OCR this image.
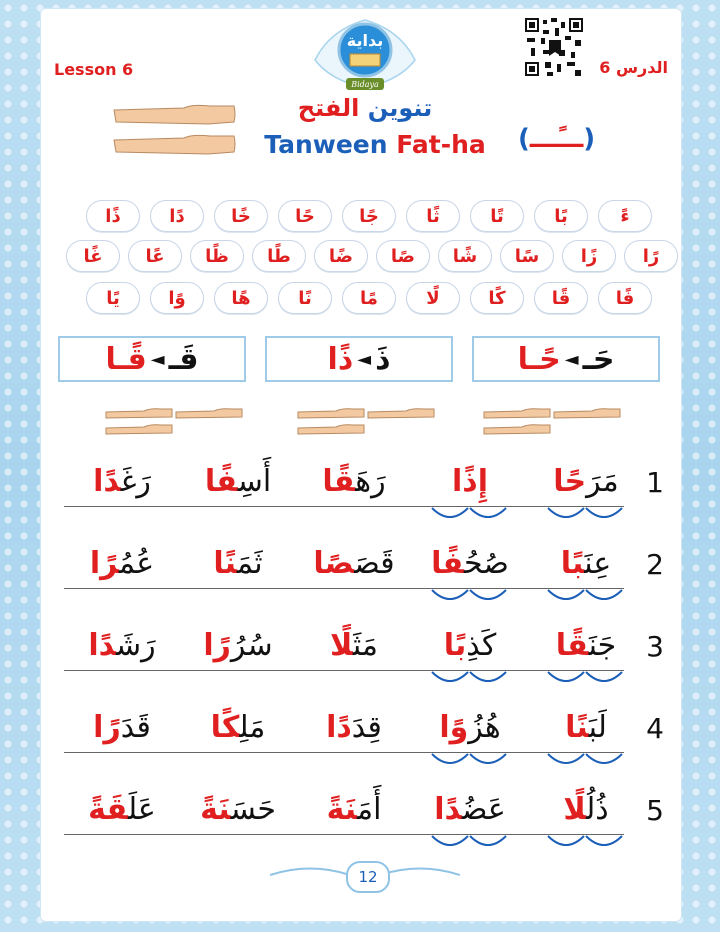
Lesson 6	الدرس 6
بداية
Bidaya
تنوين الفتح
Tanween Fat-ha	(ـــًـــ)
ءً
بًا
تًا
ثًا
جًا
حًا
خًا
دًا
ذًا
رًا
زًا
سًا
شًا
صًا
ضًا
طًا
ظًا
عًا
غًا
فًا
قًا
كًا
لًا
مًا
نًا
هًا
وًا
يًا
حَـ
◄
حًـا
ذَ
◄
ذًا
قَـ
◄
قًـا
1
مَرَحًا
إِذًا
رَهَقًا
أَسِفًا
رَغَدًا
2
عِنَبًا
صُحُفًا
قَصَصًا
ثَمَنًا
عُمُرًا
3
جَنَقًا
كَذِبًا
مَثَلًا
سُرُرًا
رَشَدًا
4
لَبَنًا
هُزُوًا
قِدَدًا
مَلِكًا
قَدَرًا
5
ذُلُلًا
عَضُدًا
أَمَنَةً
حَسَنَةً
عَلَقَةً
12
